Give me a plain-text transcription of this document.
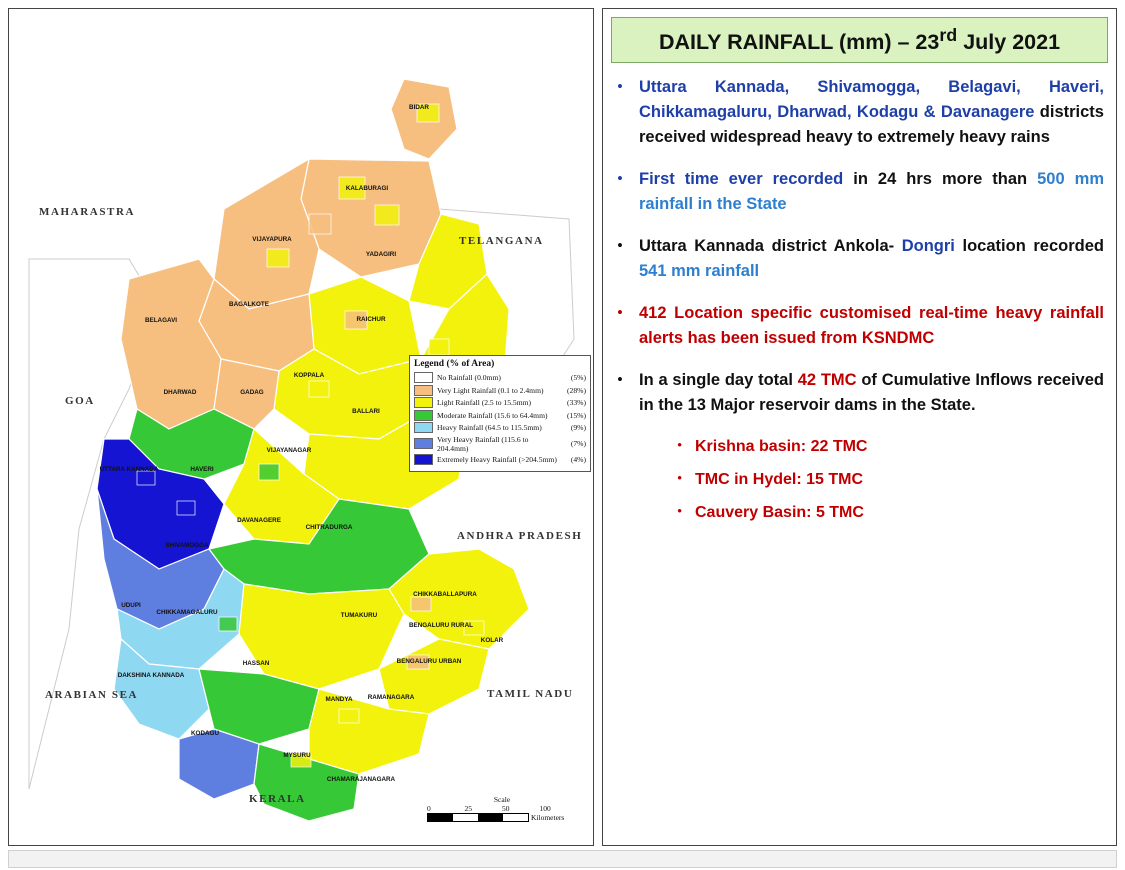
BIDAR
KALABURAGI
YADAGIRI
VIJAYAPURA
RAICHUR
BAGALKOTE
BELAGAVI
KOPPALA
BALLARI
GADAG
DHARWAD
VIJAYANAGAR
UTTARA KANNADA	HAVERI
DAVANAGERE
CHITRADURGA
SHIVAMOGGA
UDUPI
CHIKKAMAGALURU	TUMAKURU
CHIKKABALLAPURA
BENGALURU RURAL
KOLAR
BENGALURU URBAN
HASSAN
DAKSHINA KANNADA
RAMANAGARA
MANDYA
KODAGU
MYSURU
CHAMARAJANAGARA
MAHARASTRA
GOA
TELANGANA
ANDHRA PRADESH
TAMIL NADU
KERALA
ARABIAN SEA
Legend (% of Area)
No Rainfall (0.0mm)	(5%)
Very Light Rainfall (0.1 to 2.4mm)	(28%)
Light Rainfall (2.5 to 15.5mm)	(33%)
Moderate Rainfall (15.6 to 64.4mm)	(15%)
Heavy Rainfall (64.5 to 115.5mm)	(9%)
Very Heavy Rainfall (115.6 to 204.4mm)	(7%)
Extremely Heavy Rainfall (>204.5mm)	(4%)
Scale
0	25	50	100
Kilometers
DAILY RAINFALL (mm) – 23rd July 2021
• Uttara Kannada, Shivamogga, Belagavi, Haveri, Chikkamagaluru, Dharwad, Kodagu & Davanagere districts received widespread heavy to extremely heavy rains
• First time ever recorded in 24 hrs more than 500 mm rainfall in the State
• Uttara Kannada district Ankola- Dongri location recorded 541 mm rainfall
• 412 Location specific customised real-time heavy rainfall alerts has been issued from KSNDMC
• In a single day total 42 TMC of Cumulative Inflows received in the 13 Major reservoir dams in the State.
• Krishna basin: 22 TMC
• TMC in Hydel: 15 TMC
• Cauvery Basin: 5 TMC
